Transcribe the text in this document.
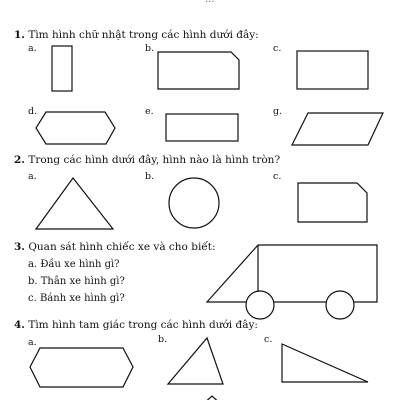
1. Tìm hình chữ nhật trong các hình dưới đây:
a.	b.	c.
d.	e.	g.
2. Trong các hình dưới đây, hình nào là hình tròn?
a.	b.	c.
3. Quan sát hình chiếc xe và cho biết:
a. Đầu xe hình gì?
b. Thân xe hình gì?
c. Bánh xe hình gì?
4. Tìm hình tam giác trong các hình dưới đây:
a.	b.	c.
